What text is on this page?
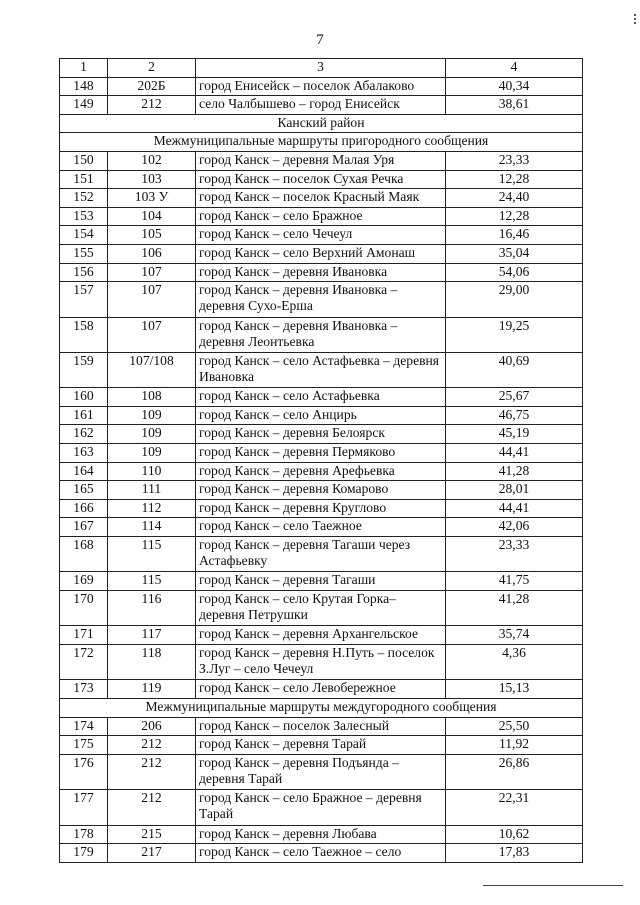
7
1	2	3	4
148	202Б	город Енисейск – поселок Абалаково	40,34
149	212	село Чалбышево – город Енисейск	38,61
Канский район			
Межмуниципальные маршруты пригородного сообщения			
150	102	город Канск – деревня Малая Уря	23,33
151	103	город Канск – поселок Сухая Речка	12,28
152	103 У	город Канск – поселок Красный Маяк	24,40
153	104	город Канск – село Бражное	12,28
154	105	город Канск – село Чечеул	16,46
155	106	город Канск – село Верхний Амонаш	35,04
156	107	город Канск – деревня Ивановка	54,06
157	107	город Канск – деревня Ивановка – деревня Сухо-Ерша	29,00
158	107	город Канск – деревня Ивановка – деревня Леонтьевка	19,25
159	107/108	город Канск – село Астафьевка – деревня Ивановка	40,69
160	108	город Канск – село Астафьевка	25,67
161	109	город Канск – село Анцирь	46,75
162	109	город Канск – деревня Белоярск	45,19
163	109	город Канск – деревня Пермяково	44,41
164	110	город Канск – деревня Арефьевка	41,28
165	111	город Канск – деревня Комарово	28,01
166	112	город Канск – деревня Круглово	44,41
167	114	город Канск – село Таежное	42,06
168	115	город Канск – деревня Тагаши через Астафьевку	23,33
169	115	город Канск – деревня Тагаши	41,75
170	116	город Канск – село Крутая Горка– деревня Петрушки	41,28
171	117	город Канск – деревня Архангельское	35,74
172	118	город Канск – деревня Н.Путь – поселок З.Луг – село Чечеул	4,36
173	119	город Канск – село Левобережное	15,13
Межмуниципальные маршруты междугородного сообщения			
174	206	город Канск – поселок Залесный	25,50
175	212	город Канск – деревня Тарай	11,92
176	212	город Канск – деревня Подъянда – деревня Тарай	26,86
177	212	город Канск – село Бражное – деревня Тарай	22,31
178	215	город Канск – деревня Любава	10,62
179	217	город Канск – село Таежное – село	17,83
